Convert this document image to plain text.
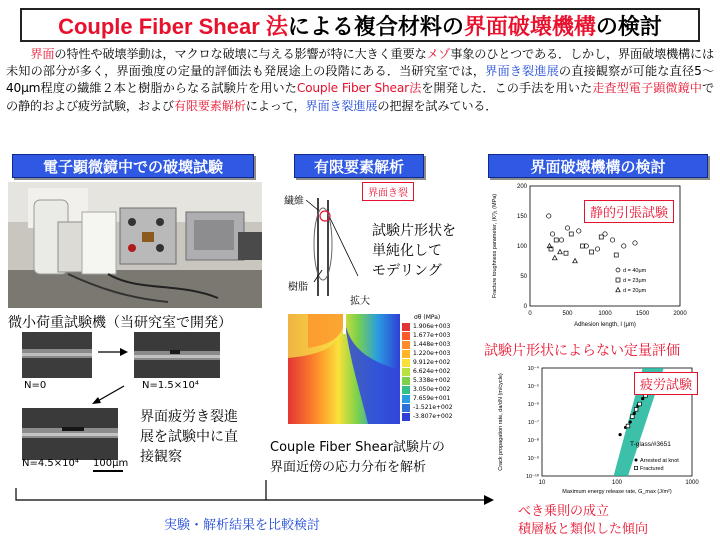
Couple Fiber Shear 法 による複合材料の 界面破壊機構 の検討

界面の特性や破壊挙動は，マクロな破壊に与える影響が特に大きく重要なメゾ事象のひとつである．しかし，界面破壊機構には未知の部分が多く，界面強度の定量的評価法も発展途上の段階にある．当研究室では，界面き裂進展の直接観察が可能な直径5～40μm程度の繊維２本と樹脂からなる試験片を用いたCouple Fiber Shear法を開発した．この手法を用いた走査型電子顕微鏡中での静的および疲労試験，および有限要素解析によって，界面き裂進展の把握を試みている．

電子顕微鏡中での破壊試験
微小荷重試験機（当研究室で開発）
N=0	N=1.5×10⁴
N=4.5×10⁴ 100μm
界面疲労き裂進
展を試験中に直
接観察
有限要素解析
繊維
界面き裂
樹脂
拡大
試験片形状を
単純化して
モデリング
σθ (MPa)
1.906e+003
1.677e+003
1.448e+003
1.220e+003
9.912e+002
6.624e+002
5.338e+002
3.050e+002
7.659e+001
-1.521e+002
-3.807e+002
Couple Fiber Shear試験片の
界面近傍の応力分布を解析
界面破壊機構の検討
0	500	1000	1500	2000
0
50
100
150
200
Adhesion length, l (μm)
Fracture toughness parameter, (K²)₁ (MPa)	d = 40μm
d = 23μm
d = 20μm
静的引張試験
試験片形状によらない定量評価
10	100	1000
10⁻⁴
10⁻⁵
10⁻⁶
10⁻⁷
10⁻⁸
10⁻⁹
10⁻¹⁰
Maximum energy release rate, G_max (J/m²)
Crack propagation rate, da/dN (m/cycle)	T-glass/#3651
Arrested at knot
Fractured
疲労試験
べき乗則の成立
積層板と類似した傾向
実験・解析結果を比較検討
